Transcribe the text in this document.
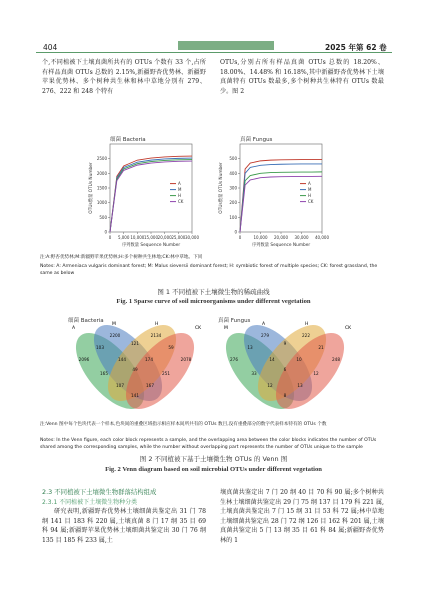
404	2025 年第 62 卷

个,不同植被下土壤真菌所共有的 OTUs 个数有 33 个,占所有样品真菌 OTUs 总数的 2.15%,新疆野杏优势林、新疆野苹果优势林、多个树种共生林和林中草地分别有 279、276、222 和 248 个特有

OTUs,分别占所有样品真菌 OTUs 总数的 18.20%、18.00%、14.48% 和 16.18%,其中新疆野杏优势林下土壤真菌特有 OTUs 数最多,多个树种共生林特有 OTUs 数最少。图 2

细菌 Bacteria	真菌 Fungus
0
500
1000
1500
2000
2500
0 5,000 10,000 15,000 20,000 25,000 30,000
A
M
H
CK
序列数量 Sequence Number
OTUs数量 OTUs Number
0
100
200
300
400
500
0	10,000 20,000 30,000 40,000
A
M
H
CK
序列数量 Sequence Number
OTUs数量 OTUs Number
注:A:野杏优势林;M:新疆野苹果优势林;H:多个树种共生林地;CK:林中草地。下同
Notes: A: Armeniaca vulgaris dominant forest; M: Malus sieversii dominant forest; H: symbiotic forest of multiple species; CK: forest grassland, the same as below
图 1 不同植被下土壤微生物的稀疏曲线
Fig. 1 Sparse curve of soil microorganisms under different vegetation
细菌 Bacteria	真菌 Fungus
A
M	H
CK
2096
2200	2134
2078
103
121
59
165
144	174
251
49
107	167
141
M
A	H
CK
276
279	222
248
13
9
21
33
14	10
12
6
12	13
8
注:Venn 图中每个色块代表一个样本,色块间的重叠区域指示相应样本间所共有的 OTUs 数目,没有重叠部分的数字代表样本特有的 OTUs 个数
Notes: In the Venn figure, each color block represents a sample, and the overlapping area between the color blocks indicates the number of OTUs shared among the corresponding samples, while the number without overlapping part represents the number of OTUs unique to the sample
图 2 不同植被下基于土壤微生物 OTUs 的 Venn 图
Fig. 2 Venn diagram based on soil microbial OTUs under different vegetation
2.3 不同植被下土壤微生物群落结构组成
2.3.1 不同植被下土壤微生物种分类

研究表明,新疆野杏优势林土壤细菌共鉴定出 31 门 78 纲 141 目 183 科 220 属,土壤真菌 8 门 17 纲 35 目 69 科 94 属;新疆野苹果优势林土壤细菌共鉴定出 30 门 76 纲 135 目 185 科 233 属,土

壤真菌共鉴定出 7 门 20 纲 40 目 70 科 90 属;多个树种共生林土壤细菌共鉴定出 29 门 75 纲 137 目 179 科 221 属,土壤真菌共鉴定出 7 门 15 纲 31 目 53 科 72 属;林中草地土壤细菌共鉴定出 28 门 72 纲 126 目 162 科 201 属,土壤真菌共鉴定出 5 门 13 纲 35 目 61 科 84 属;新疆野杏优势林的 1
